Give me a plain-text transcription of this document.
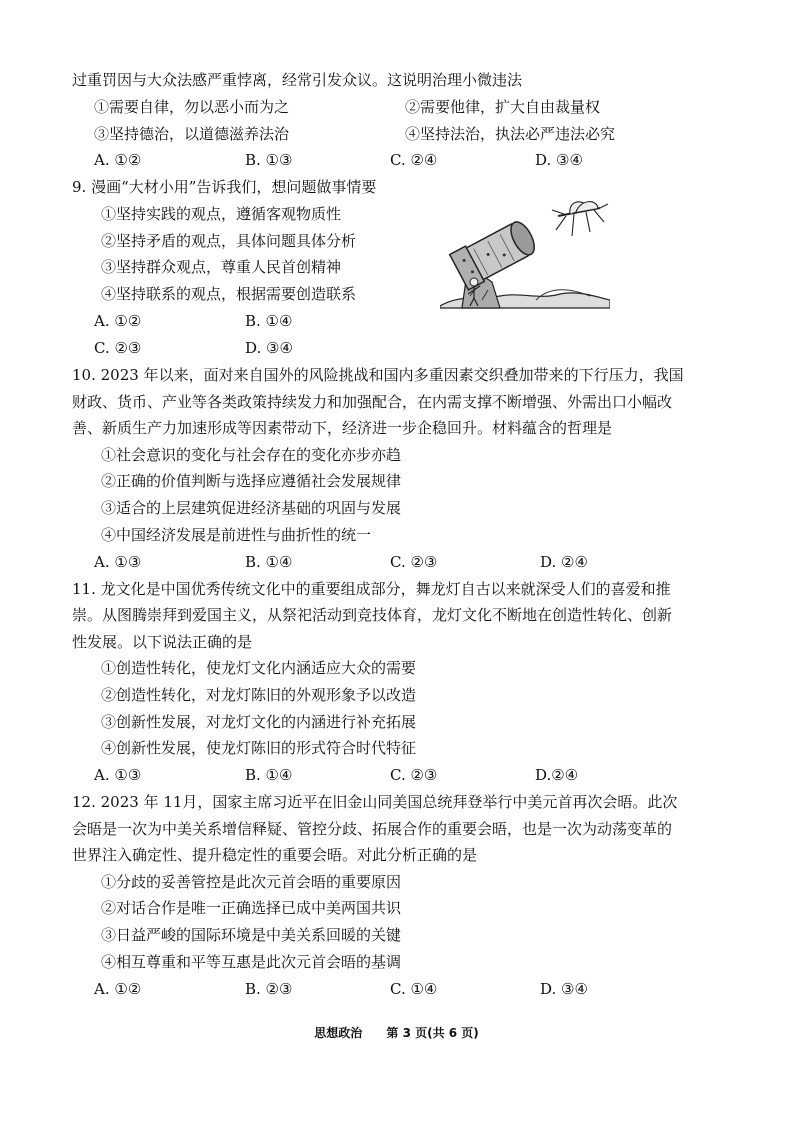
过重罚因与大众法感严重悖离，经常引发众议。这说明治理小微违法
①需要自律，勿以恶小而为之	②需要他律，扩大自由裁量权
③坚持德治，以道德滋养法治	④坚持法治，执法必严违法必究
A. ①②	B. ①③	C. ②④	D. ③④
9. 漫画“大材小用”告诉我们，想问题做事情要
①坚持实践的观点，遵循客观物质性
②坚持矛盾的观点，具体问题具体分析
③坚持群众观点，尊重人民首创精神
④坚持联系的观点，根据需要创造联系
A. ①②	B. ①④
C. ②③	D. ③④
10. 2023 年以来，面对来自国外的风险挑战和国内多重因素交织叠加带来的下行压力，我国
财政、货币、产业等各类政策持续发力和加强配合，在内需支撑不断增强、外需出口小幅改
善、新质生产力加速形成等因素带动下，经济进一步企稳回升。材料蕴含的哲理是
①社会意识的变化与社会存在的变化亦步亦趋
②正确的价值判断与选择应遵循社会发展规律
③适合的上层建筑促进经济基础的巩固与发展
④中国经济发展是前进性与曲折性的统一
A. ①③	B. ①④	C. ②③	D. ②④
11. 龙文化是中国优秀传统文化中的重要组成部分，舞龙灯自古以来就深受人们的喜爱和推
崇。从图腾崇拜到爱国主义，从祭祀活动到竞技体育，龙灯文化不断地在创造性转化、创新
性发展。以下说法正确的是
①创造性转化，使龙灯文化内涵适应大众的需要
②创造性转化，对龙灯陈旧的外观形象予以改造
③创新性发展，对龙灯文化的内涵进行补充拓展
④创新性发展，使龙灯陈旧的形式符合时代特征
A. ①③	B. ①④	C. ②③	D.②④
12. 2023 年 11月，国家主席习近平在旧金山同美国总统拜登举行中美元首再次会晤。此次
会晤是一次为中美关系增信释疑、管控分歧、拓展合作的重要会晤，也是一次为动荡变革的
世界注入确定性、提升稳定性的重要会晤。对此分析正确的是
①分歧的妥善管控是此次元首会晤的重要原因
②对话合作是唯一正确选择已成中美两国共识
③日益严峻的国际环境是中美关系回暖的关键
④相互尊重和平等互惠是此次元首会晤的基调
A. ①②	B. ②③	C. ①④	D. ③④
思想政治 第 3 页(共 6 页)
